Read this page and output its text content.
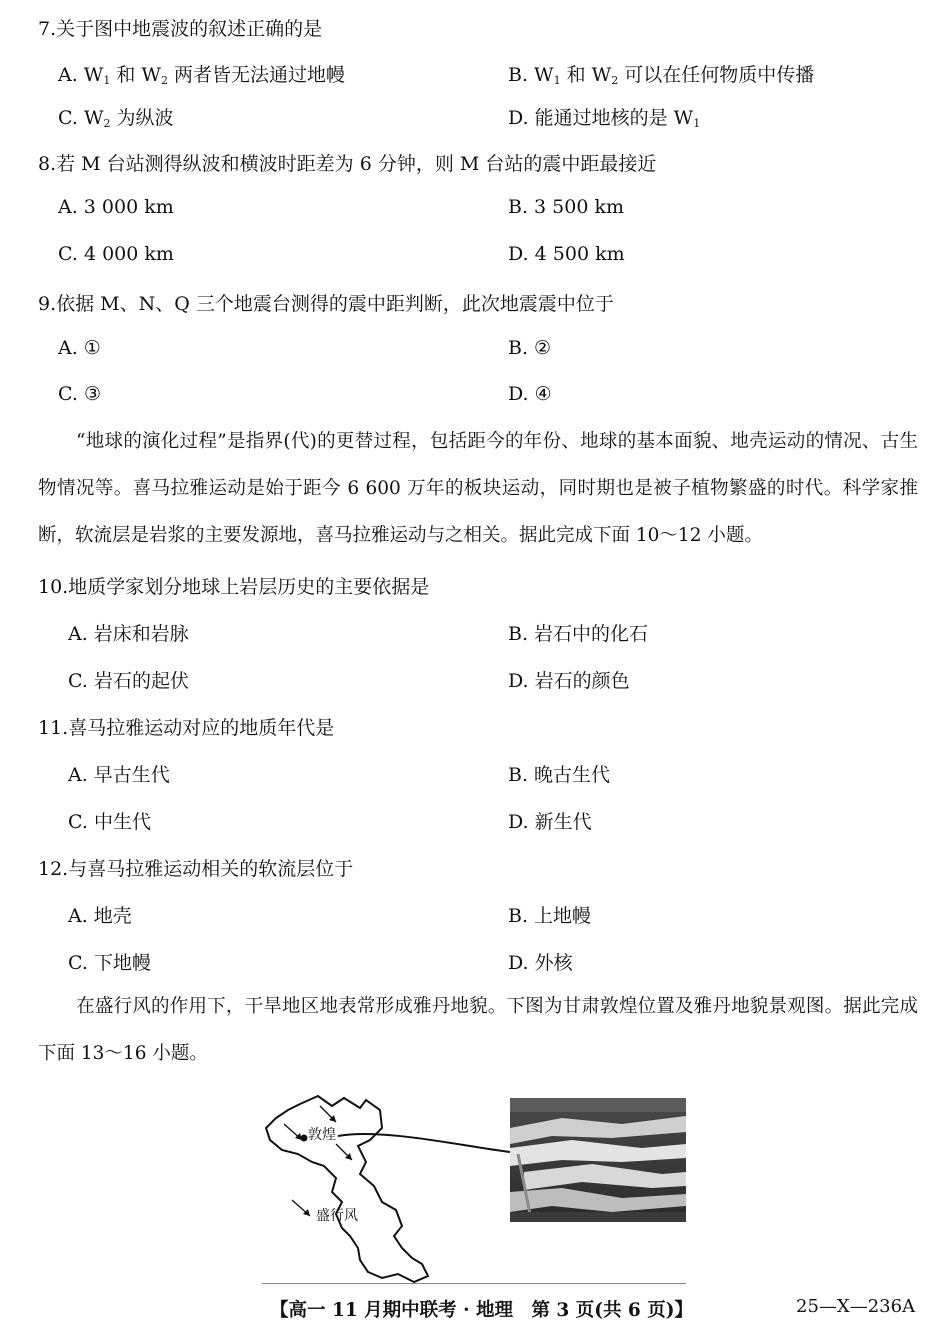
7.关于图中地震波的叙述正确的是
A. $W_1$ 和 $W_2$ 两者皆无法通过地幔	B. $W_1$ 和 $W_2$ 可以在任何物质中传播
C. $W_2$ 为纵波	D. 能通过地核的是 $W_1$
8.若 M 台站测得纵波和横波时距差为 6 分钟，则 M 台站的震中距最接近
A. 3 000 km	B. 3 500 km
C. 4 000 km	D. 4 500 km
9.依据 M、N、Q 三个地震台测得的震中距判断，此次地震震中位于
A. ①	B. ②
C. ③	D. ④
“地球的演化过程”是指界(代)的更替过程，包括距今的年份、地球的基本面貌、地壳运动的情况、古生物情况等。喜马拉雅运动是始于距今 6 600 万年的板块运动，同时期也是被子植物繁盛的时代。科学家推断，软流层是岩浆的主要发源地，喜马拉雅运动与之相关。据此完成下面 10～12 小题。
10.地质学家划分地球上岩层历史的主要依据是
A. 岩床和岩脉	B. 岩石中的化石
C. 岩石的起伏	D. 岩石的颜色
11.喜马拉雅运动对应的地质年代是
A. 早古生代	B. 晚古生代
C. 中生代	D. 新生代
12.与喜马拉雅运动相关的软流层位于
A. 地壳	B. 上地幔
C. 下地幔	D. 外核
在盛行风的作用下，干旱地区地表常形成雅丹地貌。下图为甘肃敦煌位置及雅丹地貌景观图。据此完成下面 13～16 小题。
敦煌
盛行风
【高一 11 月期中联考 · 地理　第 3 页(共 6 页)】	25—X—236A
